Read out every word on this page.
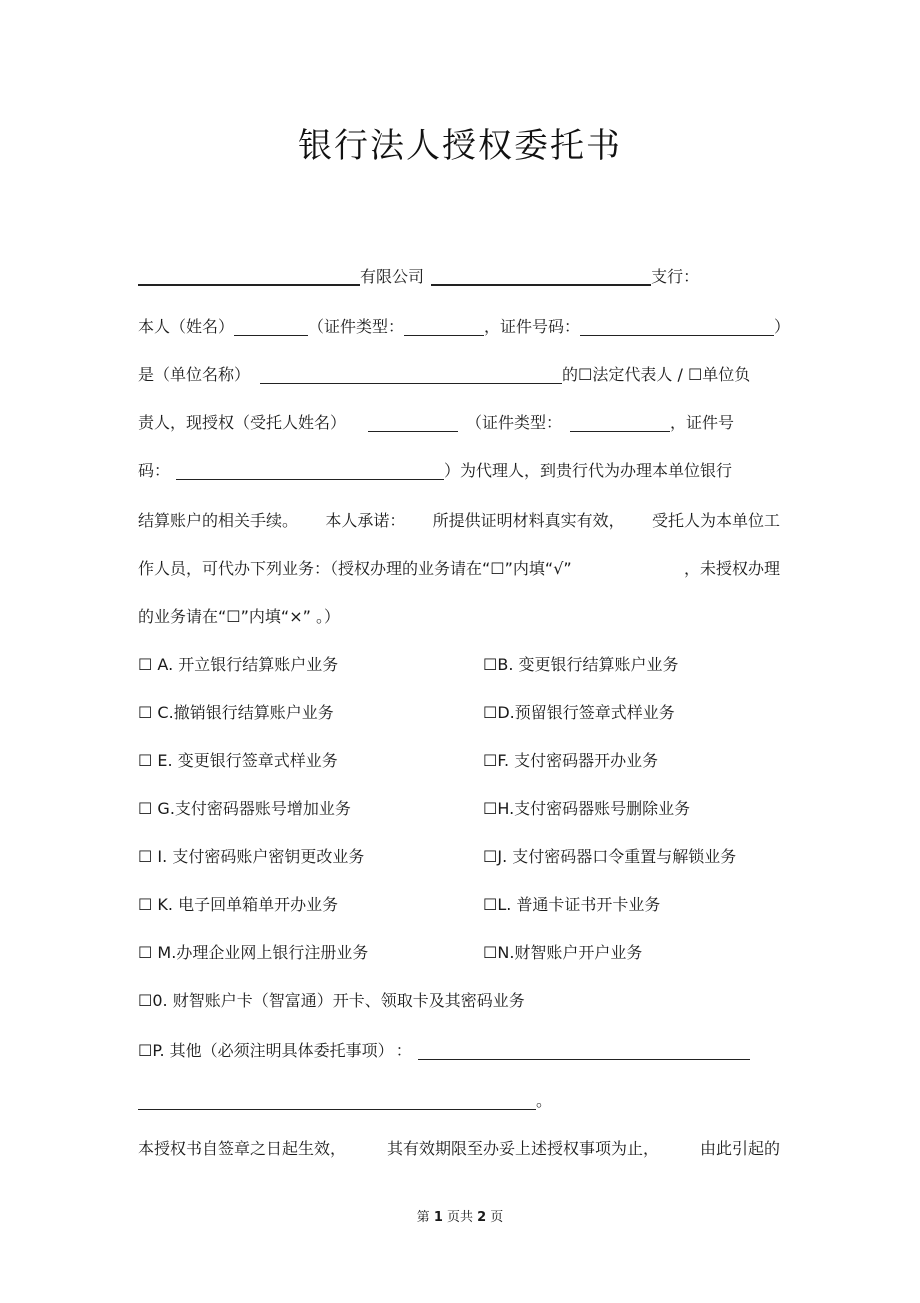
银行法人授权委托书
有限公司	支行：
本人（姓名）	（证件类型：	，证件号码：	）
是（单位名称）	的☐法定代表人 / ☐单位负
责人，现授权（受托人姓名）	（证件类型：	，证件号
码：	）为代理人，到贵行代为办理本单位银行
结算账户的相关手续。 本人承诺： 所提供证明材料真实有效， 受托人为本单位工
作人员，可代办下列业务：（授权办理的业务请在“☐”内填“√”	，未授权办理
的业务请在“☐”内填“×” 。）
☐ A. 开立银行结算账户业务	☐B. 变更银行结算账户业务
☐ C.撤销银行结算账户业务	☐D.预留银行签章式样业务
☐ E. 变更银行签章式样业务	☐F. 支付密码器开办业务
☐ G.支付密码器账号增加业务	☐H.支付密码器账号删除业务
☐ I. 支付密码账户密钥更改业务	☐J. 支付密码器口令重置与解锁业务
☐ K. 电子回单箱单开办业务	☐L. 普通卡证书开卡业务
☐ M.办理企业网上银行注册业务	☐N.财智账户开户业务
☐0. 财智账户卡（智富通）开卡、领取卡及其密码业务
☐P. 其他（必须注明具体委托事项） ：
。
本授权书自签章之日起生效，	其有效期限至办妥上述授权事项为止，	由此引起的
第 1 页共 2 页
